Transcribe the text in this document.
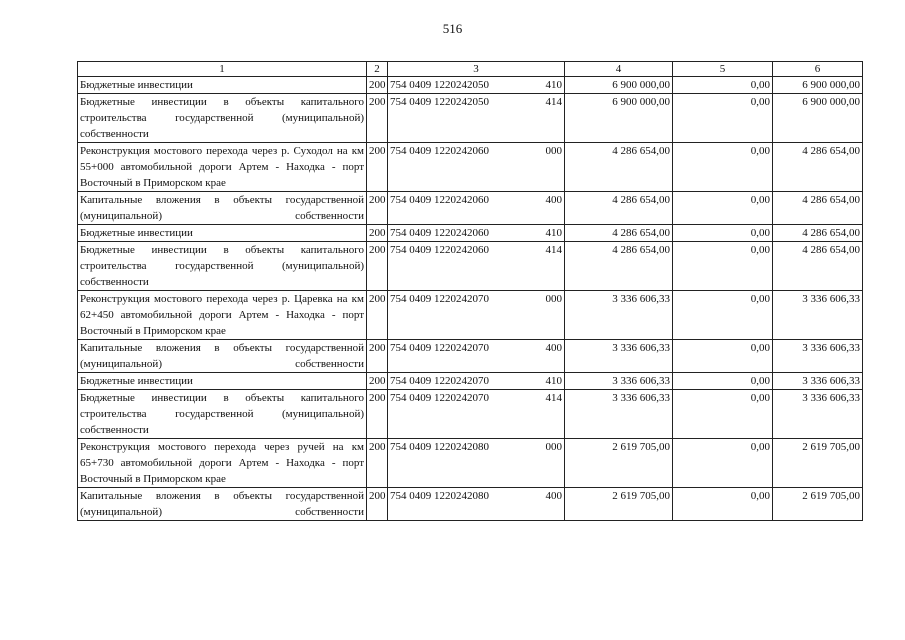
516
1	2	3	4	5	6
Бюджетные инвестиции	200	754 0409 1220242050 410	6 900 000,00	0,00	6 900 000,00
Бюджетные инвестиции в объекты капитального строительства государственной (муниципальной) собственности	200	754 0409 1220242050 414	6 900 000,00	0,00	6 900 000,00
Реконструкция мостового перехода через р. Суходол на км 55+000 автомобильной дороги Артем - Находка - порт Восточный в Приморском крае	200	754 0409 1220242060 000	4 286 654,00	0,00	4 286 654,00
Капитальные вложения в объекты государственной (муниципальной) собственности	200	754 0409 1220242060 400	4 286 654,00	0,00	4 286 654,00
Бюджетные инвестиции	200	754 0409 1220242060 410	4 286 654,00	0,00	4 286 654,00
Бюджетные инвестиции в объекты капитального строительства государственной (муниципальной) собственности	200	754 0409 1220242060 414	4 286 654,00	0,00	4 286 654,00
Реконструкция мостового перехода через р. Царевка на км 62+450 автомобильной дороги Артем - Находка - порт Восточный в Приморском крае	200	754 0409 1220242070 000	3 336 606,33	0,00	3 336 606,33
Капитальные вложения в объекты государственной (муниципальной) собственности	200	754 0409 1220242070 400	3 336 606,33	0,00	3 336 606,33
Бюджетные инвестиции	200	754 0409 1220242070 410	3 336 606,33	0,00	3 336 606,33
Бюджетные инвестиции в объекты капитального строительства государственной (муниципальной) собственности	200	754 0409 1220242070 414	3 336 606,33	0,00	3 336 606,33
Реконструкция мостового перехода через ручей на км 65+730 автомобильной дороги Артем - Находка - порт Восточный в Приморском крае	200	754 0409 1220242080 000	2 619 705,00	0,00	2 619 705,00
Капитальные вложения в объекты государственной (муниципальной) собственности	200	754 0409 1220242080 400	2 619 705,00	0,00	2 619 705,00
